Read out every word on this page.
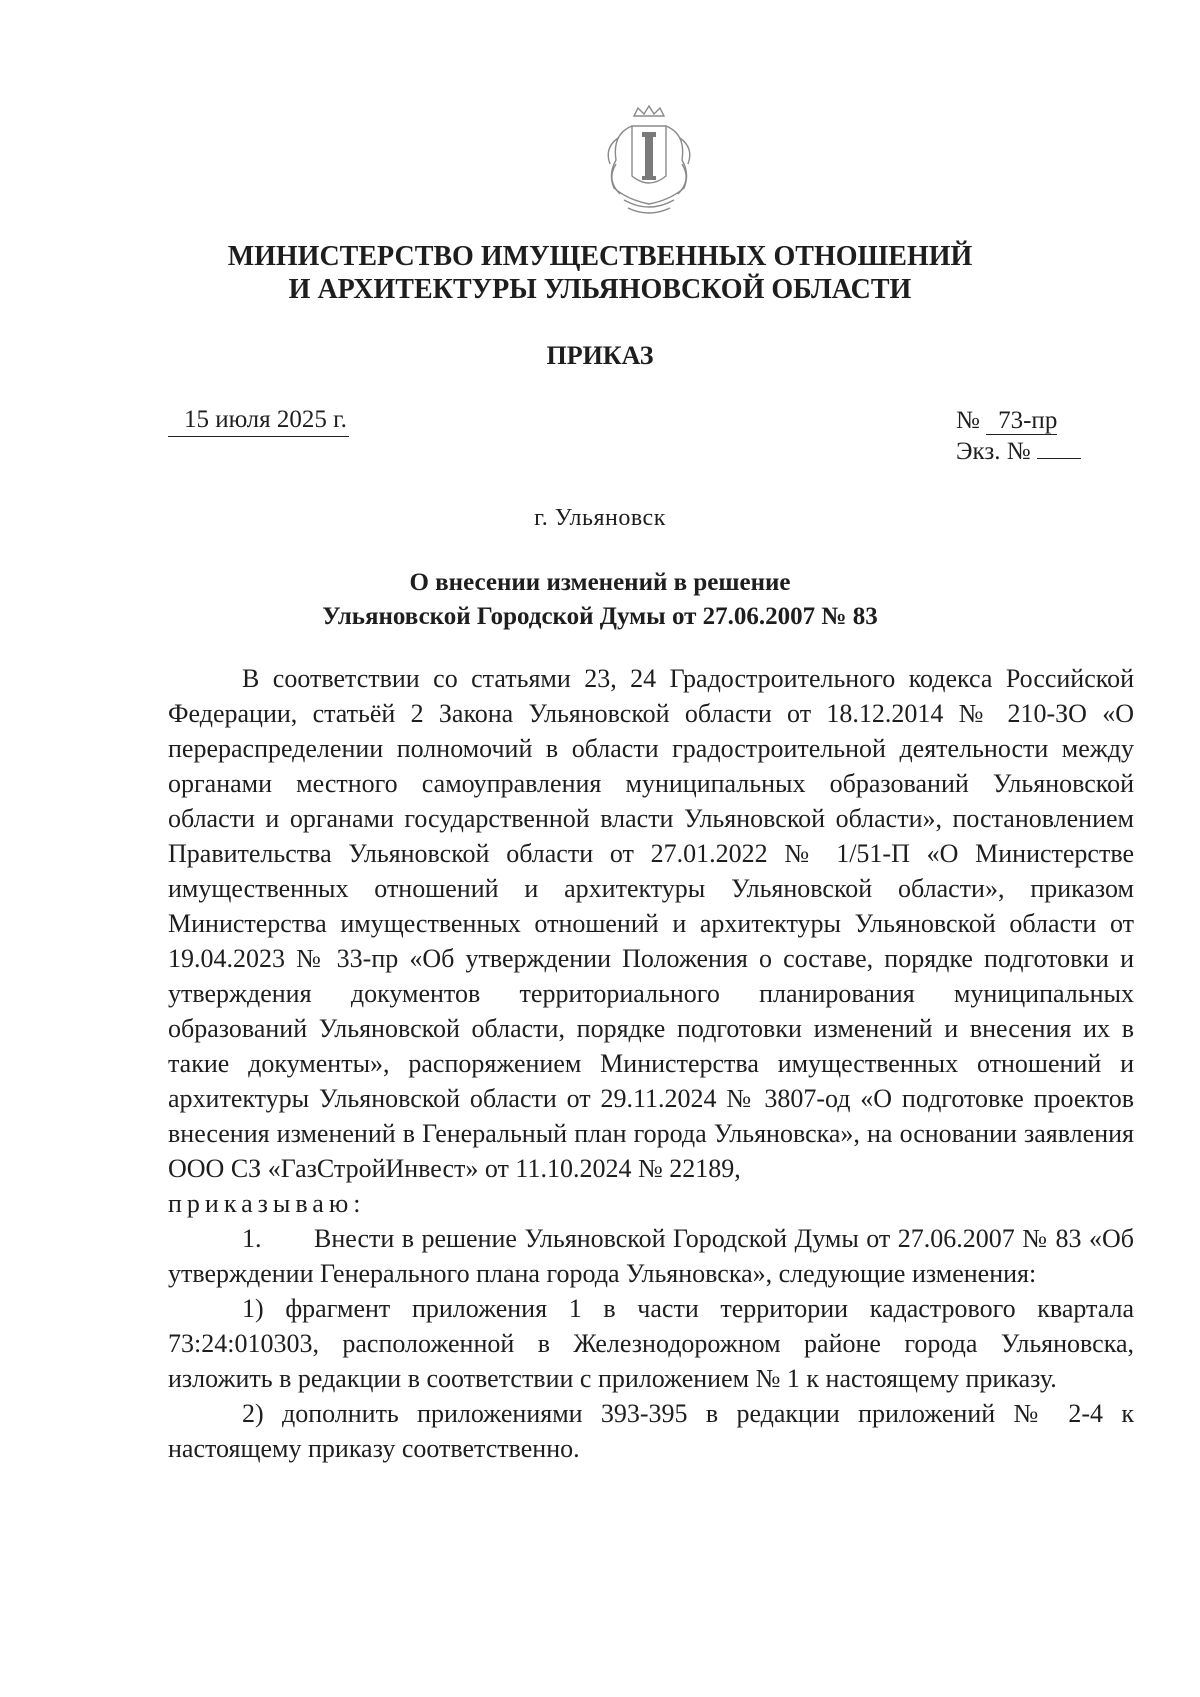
МИНИСТЕРСТВО ИМУЩЕСТВЕННЫХ ОТНОШЕНИЙ
И АРХИТЕКТУРЫ УЛЬЯНОВСКОЙ ОБЛАСТИ
ПРИКАЗ
15 июля 2025 г.	№ 73-пр
Экз. №
г. Ульяновск
О внесении изменений в решение
Ульяновской Городской Думы от 27.06.2007 № 83

В соответствии со статьями 23, 24 Градостроительного кодекса Российской Федерации, статьёй 2 Закона Ульяновской области от 18.12.2014 № 210-ЗО «О перераспределении полномочий в области градостроительной деятельности между органами местного самоуправления муниципальных образований Ульяновской области и органами государственной власти Ульяновской области», постановлением Правительства Ульяновской области от 27.01.2022 № 1/51-П «О Министерстве имущественных отношений и архитектуры Ульяновской области», приказом Министерства имущественных отношений и архитектуры Ульяновской области от 19.04.2023 № 33-пр «Об утверждении Положения о составе, порядке подготовки и утверждения документов территориального планирования муниципальных образований Ульяновской области, порядке подготовки изменений и внесения их в такие документы», распоряжением Министерства имущественных отношений и архитектуры Ульяновской области от 29.11.2024 № 3807-од «О подготовке проектов внесения изменений в Генеральный план города Ульяновска», на основании заявления ООО СЗ «ГазСтройИнвест» от 11.10.2024 № 22189,

приказываю:

1. Внести в решение Ульяновской Городской Думы от 27.06.2007 № 83 «Об утверждении Генерального плана города Ульяновска», следующие изменения:

1) фрагмент приложения 1 в части территории кадастрового квартала 73:24:010303, расположенной в Железнодорожном районе города Ульяновска, изложить в редакции в соответствии с приложением № 1 к настоящему приказу.

2) дополнить приложениями 393-395 в редакции приложений № 2-4 к настоящему приказу соответственно.
